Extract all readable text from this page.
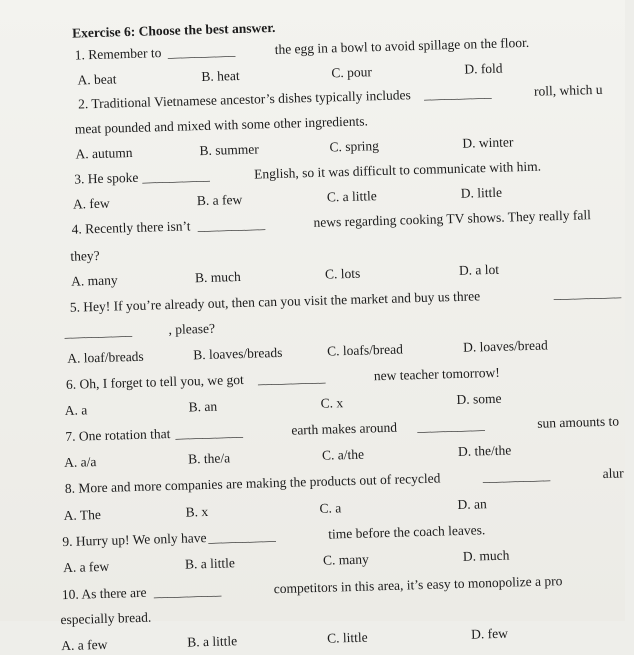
Exercise 6: Choose the best answer.
1. Remember to __________	the egg in a bowl to avoid spillage on the floor.
A. beat	B. heat	C. pour	D. fold
2. Traditional Vietnamese ancestor’s dishes typically includes __________	roll, which u
meat pounded and mixed with some other ingredients.
A. autumn	B. summer	C. spring	D. winter
3. He spoke __________	English, so it was difficult to communicate with him.
A. few	B. a few	C. a little	D. little
4. Recently there isn’t __________	news regarding cooking TV shows. They really fall
they?
A. many	B. much	C. lots	D. a lot
5. Hey! If you’re already out, then can you visit the market and buy us three	__________
__________	, please?
A. loaf/breads	B. loaves/breads	C. loafs/bread	D. loaves/bread
6. Oh, I forget to tell you, we got __________	new teacher tomorrow!
A. a	B. an	C. x	D. some
7. One rotation that __________	earth makes around __________	sun amounts to
A. a/a	B. the/a	C. a/the	D. the/the
8. More and more companies are making the products out of recycled	__________	alur
A. The	B. x	C. a	D. an
9. Hurry up! We only have __________	time before the coach leaves.
A. a few	B. a little	C. many	D. much
10. As there are __________	competitors in this area, it’s easy to monopolize a pro
especially bread.
A. a few	B. a little	C. little	D. few
